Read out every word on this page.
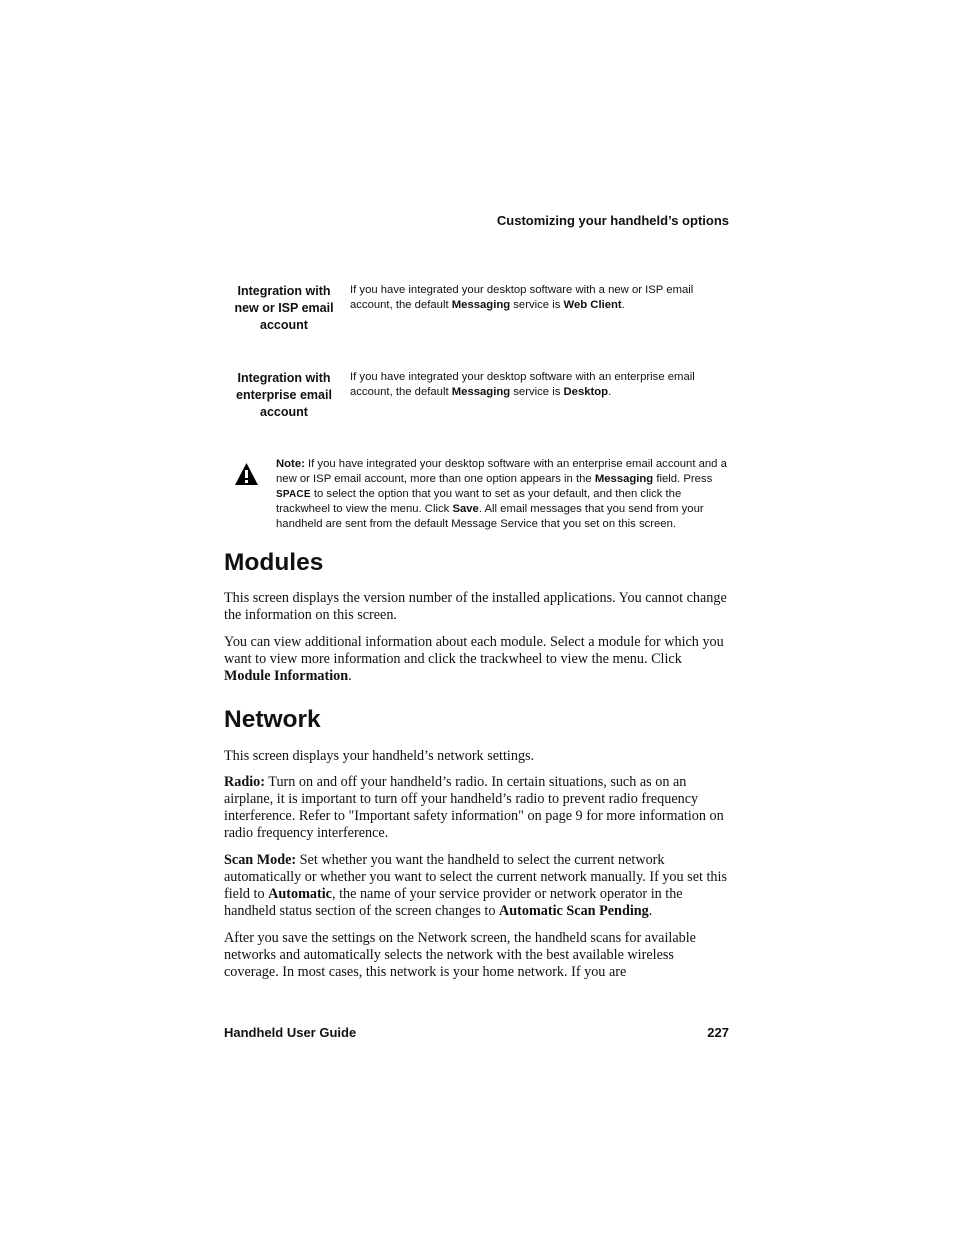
Customizing your handheld’s options
Integration with new or ISP email account
If you have integrated your desktop software with a new or ISP email account, the default Messaging service is Web Client.
Integration with enterprise email account
If you have integrated your desktop software with an enterprise email account, the default Messaging service is Desktop.
Note: If you have integrated your desktop software with an enterprise email account and a new or ISP email account, more than one option appears in the Messaging field. Press SPACE to select the option that you want to set as your default, and then click the trackwheel to view the menu. Click Save. All email messages that you send from your handheld are sent from the default Message Service that you set on this screen.
Modules

This screen displays the version number of the installed applications. You cannot change the information on this screen.

You can view additional information about each module. Select a module for which you want to view more information and click the trackwheel to view the menu. Click Module Information.

Network

This screen displays your handheld’s network settings.

Radio: Turn on and off your handheld’s radio. In certain situations, such as on an airplane, it is important to turn off your handheld’s radio to prevent radio frequency interference. Refer to "Important safety information" on page 9 for more information on radio frequency interference.

Scan Mode: Set whether you want the handheld to select the current network automatically or whether you want to select the current network manually. If you set this field to Automatic, the name of your service provider or network operator in the handheld status section of the screen changes to Automatic Scan Pending.

After you save the settings on the Network screen, the handheld scans for available networks and automatically selects the network with the best available wireless coverage. In most cases, this network is your home network. If you are

Handheld User Guide	227
